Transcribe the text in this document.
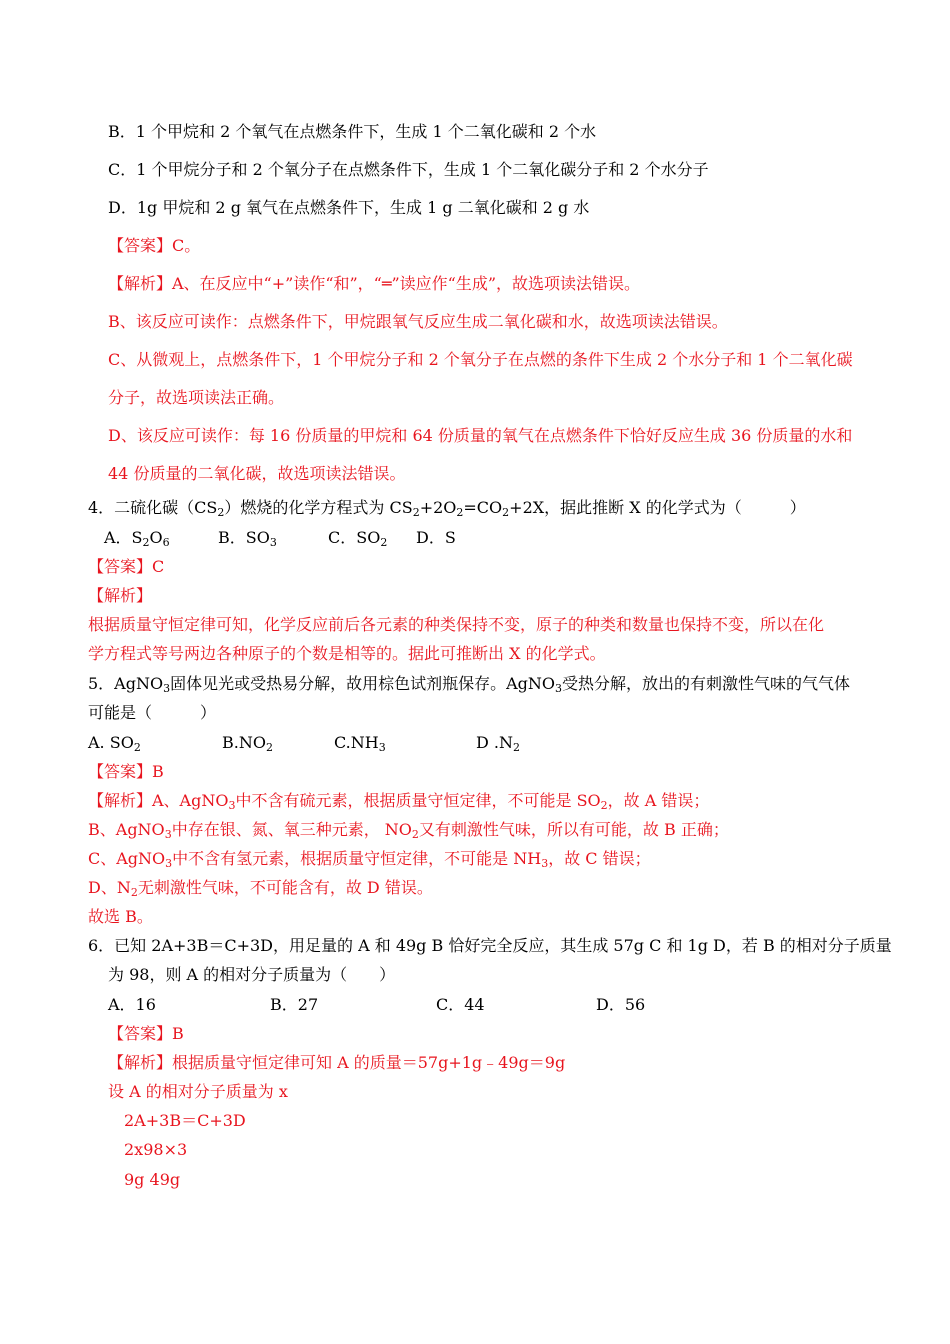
B．1 个甲烷和 2 个氧气在点燃条件下，生成 1 个二氧化碳和 2 个水
C．1 个甲烷分子和 2 个氧分子在点燃条件下，生成 1 个二氧化碳分子和 2 个水分子
D．1g 甲烷和 2 g 氧气在点燃条件下，生成 1 g 二氧化碳和 2 g 水
【答案】C。
【解析】A、在反应中“+”读作“和”，“═”读应作“生成”，故选项读法错误。
B、该反应可读作：点燃条件下，甲烷跟氧气反应生成二氧化碳和水，故选项读法错误。
C、从微观上，点燃条件下，1 个甲烷分子和 2 个氧分子在点燃的条件下生成 2 个水分子和 1 个二氧化碳
分子，故选项读法正确。
D、该反应可读作：每 16 份质量的甲烷和 64 份质量的氧气在点燃条件下恰好反应生成 36 份质量的水和
44 份质量的二氧化碳，故选项读法错误。
4．二硫化碳$(CS_2)$燃烧的化学方程式为 $CS_2+2O_2=CO_2+2X$，据此推断 X 的化学式为（　　　）
A．$S_2O_6$	B．$SO_3$	C．$SO_2$ D．S
【答案】C
【解析】
根据质量守恒定律可知，化学反应前后各元素的种类保持不变，原子的种类和数量也保持不变，所以在化
学方程式等号两边各种原子的个数是相等的。据此可推断出 X 的化学式。
5．AgNO$_3$固体见光或受热易分解，故用棕色试剂瓶保存。AgNO$_3$受热分解，放出的有刺激性气味的气气体
可能是（　　　）
A. $SO_2$	$B.NO_2$	$C.NH_3$	D $.N_2$
【答案】B
【解析】A、AgNO$_3$中不含有硫元素，根据质量守恒定律，不可能是 $SO_2$，故 A 错误；
B、AgNO$_3$中存在银、氮、氧三种元素， $NO_2$又有刺激性气味，所以有可能，故 B 正确；
C、AgNO$_3$中不含有氢元素，根据质量守恒定律，不可能是 $NH_3$，故 C 错误；
D、$N_2$无刺激性气味，不可能含有，故 D 错误。
故选 B。
6．已知 2A+3B＝C+3D，用足量的 A 和 49g B 恰好完全反应，其生成 57g C 和 1g D，若 B 的相对分子质量
为 98，则 A 的相对分子质量为（　　）
A．16	B．27	C．44	D．56
【答案】B
【解析】根据质量守恒定律可知 A 的质量＝57g+1g﹣49g＝9g
设 A 的相对分子质量为 x
2A+3B＝C+3D
2x98×3
9g 49g
